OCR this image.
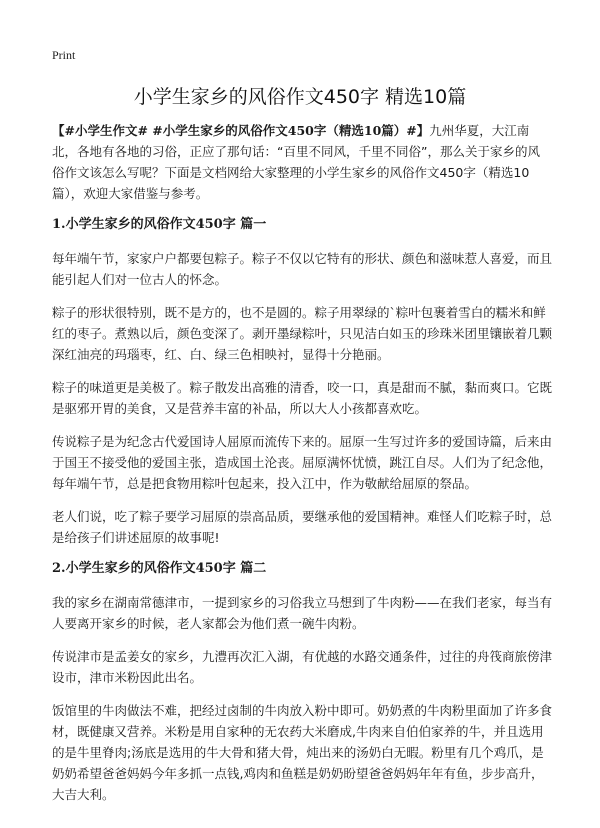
Print
小学生家乡的风俗作文450字 精选10篇

【#小学生作文# #小学生家乡的风俗作文450字（精选10篇）#】九州华夏，大江南北，各地有各地的习俗，正应了那句话：“百里不同风，千里不同俗”，那么关于家乡的风俗作文该怎么写呢？下面是文档网给大家整理的小学生家乡的风俗作文450字（精选10篇），欢迎大家借鉴与参考。

1.小学生家乡的风俗作文450字 篇一

每年端午节，家家户户都要包粽子。粽子不仅以它特有的形状、颜色和滋味惹人喜爱，而且能引起人们对一位古人的怀念。

粽子的形状很特别，既不是方的，也不是圆的。粽子用翠绿的`粽叶包裹着雪白的糯米和鲜红的枣子。煮熟以后，颜色变深了。剥开墨绿粽叶，只见洁白如玉的珍珠米团里镶嵌着几颗深红油亮的玛瑙枣，红、白、绿三色相映衬，显得十分艳丽。

粽子的味道更是美极了。粽子散发出高雅的清香，咬一口，真是甜而不腻，黏而爽口。它既是驱邪开胃的美食，又是营养丰富的补品，所以大人小孩都喜欢吃。

传说粽子是为纪念古代爱国诗人屈原而流传下来的。屈原一生写过许多的爱国诗篇，后来由于国王不接受他的爱国主张，造成国土沦丧。屈原满怀忧愤，跳江自尽。人们为了纪念他，每年端午节，总是把食物用粽叶包起来，投入江中，作为敬献给屈原的祭品。

老人们说，吃了粽子要学习屈原的崇高品质，要继承他的爱国精神。难怪人们吃粽子时，总是给孩子们讲述屈原的故事呢!

2.小学生家乡的风俗作文450字 篇二

我的家乡在湖南常德津市，一提到家乡的习俗我立马想到了牛肉粉——在我们老家，每当有人要离开家乡的时候，老人家都会为他们煮一碗牛肉粉。

传说津市是孟姜女的家乡，九澧再次汇入湖，有优越的水路交通条件，过往的舟筏商旅傍津设市，津市米粉因此出名。

饭馆里的牛肉做法不难，把经过卤制的牛肉放入粉中即可。奶奶煮的牛肉粉里面加了许多食材，既健康又营养。米粉是用自家种的无农药大米磨成,牛肉来自伯伯家养的牛，并且选用的是牛里脊肉;汤底是选用的牛大骨和猪大骨，炖出来的汤奶白无暇。粉里有几个鸡爪，是奶奶希望爸爸妈妈今年多抓一点钱,鸡肉和鱼糕是奶奶盼望爸爸妈妈年年有鱼，步步高升，大吉大利。
